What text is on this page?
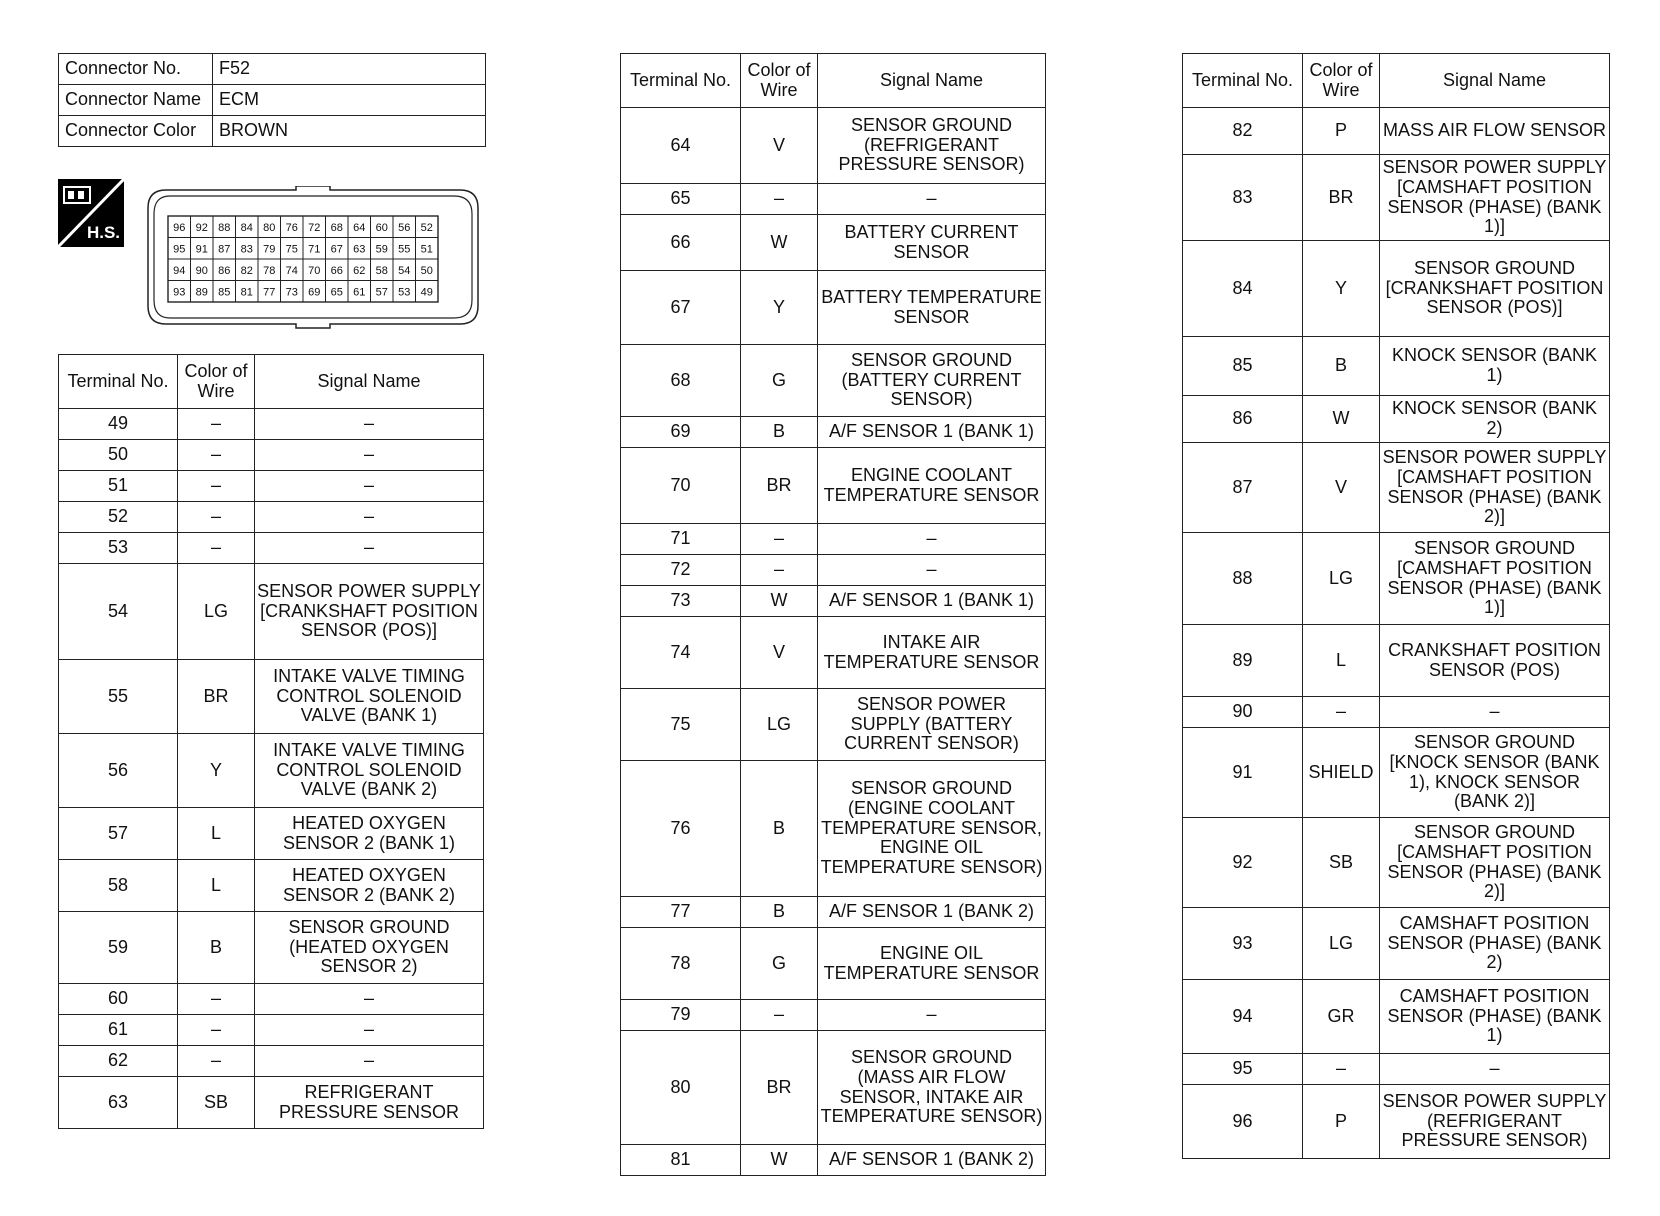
Connector No.	F52
Connector Name	ECM
Connector Color	BROWN
H.S.	96 92 88 84 80 76 72 68 64 60 56 52
95 91 87 83 79 75 71 67 63 59 55 51
94 90 86 82 78 74 70 66 62 58 54 50
93 89 85 81 77 73 69 65 61 57 53 49
Terminal No.	Color of Wire	Signal Name
49	–	–
50	–	–
51	–	–
52	–	–
53	–	–
54	LG	SENSOR POWER SUPPLY [CRANKSHAFT POSITION SENSOR (POS)]
55	BR	INTAKE VALVE TIMING CONTROL SOLENOID VALVE (BANK 1)
56	Y	INTAKE VALVE TIMING CONTROL SOLENOID VALVE (BANK 2)
57	L	HEATED OXYGEN SENSOR 2 (BANK 1)
58	L	HEATED OXYGEN SENSOR 2 (BANK 2)
59	B	SENSOR GROUND (HEATED OXYGEN SENSOR 2)
60	–	–
61	–	–
62	–	–
63	SB	REFRIGERANT PRESSURE SENSOR
Terminal No.	Color of Wire	Signal Name
64	V	SENSOR GROUND (REFRIGERANT PRESSURE SENSOR)
65	–	–
66	W	BATTERY CURRENT SENSOR
67	Y	BATTERY TEMPERATURE SENSOR
68	G	SENSOR GROUND (BATTERY CURRENT SENSOR)
69	B	A/F SENSOR 1 (BANK 1)
70	BR	ENGINE COOLANT TEMPERATURE SENSOR
71	–	–
72	–	–
73	W	A/F SENSOR 1 (BANK 1)
74	V	INTAKE AIR TEMPERATURE SENSOR
75	LG	SENSOR POWER SUPPLY (BATTERY CURRENT SENSOR)
76	B	SENSOR GROUND (ENGINE COOLANT TEMPERATURE SENSOR, ENGINE OIL TEMPERATURE SENSOR)
77	B	A/F SENSOR 1 (BANK 2)
78	G	ENGINE OIL TEMPERATURE SENSOR
79	–	–
80	BR	SENSOR GROUND (MASS AIR FLOW SENSOR, INTAKE AIR TEMPERATURE SENSOR)
81	W	A/F SENSOR 1 (BANK 2)
Terminal No.	Color of Wire	Signal Name
82	P	MASS AIR FLOW SENSOR
83	BR	SENSOR POWER SUPPLY [CAMSHAFT POSITION SENSOR (PHASE) (BANK 1)]
84	Y	SENSOR GROUND [CRANKSHAFT POSITION SENSOR (POS)]
85	B	KNOCK SENSOR (BANK 1)
86	W	KNOCK SENSOR (BANK 2)
87	V	SENSOR POWER SUPPLY [CAMSHAFT POSITION SENSOR (PHASE) (BANK 2)]
88	LG	SENSOR GROUND [CAMSHAFT POSITION SENSOR (PHASE) (BANK 1)]
89	L	CRANKSHAFT POSITION SENSOR (POS)
90	–	–
91	SHIELD	SENSOR GROUND [KNOCK SENSOR (BANK 1), KNOCK SENSOR (BANK 2)]
92	SB	SENSOR GROUND [CAMSHAFT POSITION SENSOR (PHASE) (BANK 2)]
93	LG	CAMSHAFT POSITION SENSOR (PHASE) (BANK 2)
94	GR	CAMSHAFT POSITION SENSOR (PHASE) (BANK 1)
95	–	–
96	P	SENSOR POWER SUPPLY (REFRIGERANT PRESSURE SENSOR)
